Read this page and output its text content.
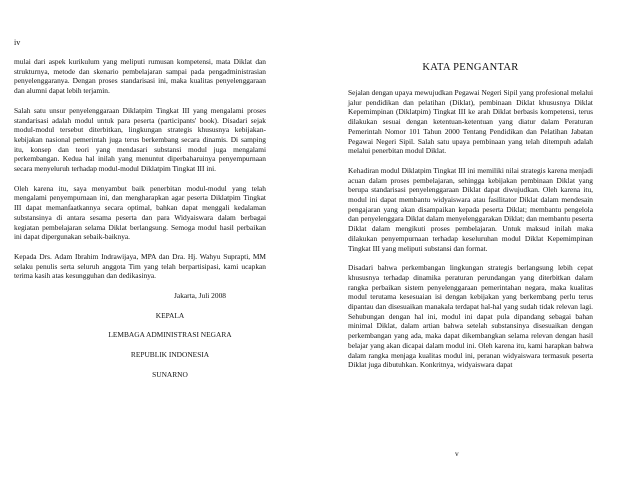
iv

mulai dari aspek kurikulum yang meliputi rumusan kompetensi, mata Diklat dan strukturnya, metode dan skenario pembelajaran sampai pada pengadministrasian penyelenggaranya. Dengan proses standarisasi ini, maka kualitas penyelenggaraan dan alumni dapat lebih terjamin.

Salah satu unsur penyelenggaraan Diklatpim Tingkat III yang mengalami proses standarisasi adalah modul untuk para peserta (participants' book). Disadari sejak modul-modul tersebut diterbitkan, lingkungan strategis khususnya kebijakan-kebijakan nasional pemerintah juga terus berkembang secara dinamis. Di samping itu, konsep dan teori yang mendasari substansi modul juga mengalami perkembangan. Kedua hal inilah yang menuntut diperbaharuinya penyempurnaan secara menyeluruh terhadap modul-modul Diklatpim Tingkat III ini.

Oleh karena itu, saya menyambut baik penerbitan modul-modul yang telah mengalami penyempurnaan ini, dan mengharapkan agar peserta Diklatpim Tingkat III dapat memanfaatkannya secara optimal, bahkan dapat menggali kedalaman substansinya di antara sesama peserta dan para Widyaiswara dalam berbagai kegiatan pembelajaran selama Diklat berlangsung. Semoga modul hasil perbaikan ini dapat dipergunakan sebaik-baiknya.

Kepada Drs. Adam Ibrahim Indrawijaya, MPA dan Dra. Hj. Wahyu Suprapti, MM selaku penulis serta seluruh anggota Tim yang telah berpartisipasi, kami ucapkan terima kasih atas kesungguhan dan dedikasinya.

Jakarta, Juli 2008

KEPALA

LEMBAGA ADMINISTRASI NEGARA

REPUBLIK INDONESIA

SUNARNO

KATA PENGANTAR

Sejalan dengan upaya mewujudkan Pegawai Negeri Sipil yang profesional melalui jalur pendidikan dan pelatihan (Diklat), pembinaan Diklat khususnya Diklat Kepemimpinan (Diklatpim) Tingkat III ke arah Diklat berbasis kompetensi, terus dilakukan sesuai dengan ketentuan-ketentuan yang diatur dalam Peraturan Pemerintah Nomor 101 Tahun 2000 Tentang Pendidikan dan Pelatihan Jabatan Pegawai Negeri Sipil. Salah satu upaya pembinaan yang telah ditempuh adalah melalui penerbitan modul Diklat.

Kehadiran modul Diklatpim Tingkat III ini memiliki nilai strategis karena menjadi acuan dalam proses pembelajaran, sehingga kebijakan pembinaan Diklat yang berupa standarisasi penyelenggaraan Diklat dapat diwujudkan. Oleh karena itu, modul ini dapat membantu widyaiswara atau fasilitator Diklat dalam mendesain pengajaran yang akan disampaikan kepada peserta Diklat; membantu pengelola dan penyelenggara Diklat dalam menyelenggarakan Diklat; dan membantu peserta Diklat dalam mengikuti proses pembelajaran. Untuk maksud inilah maka dilakukan penyempurnaan terhadap keseluruhan modul Diklat Kepemimpinan Tingkat III yang meliputi substansi dan format.

Disadari bahwa perkembangan lingkungan strategis berlangsung lebih cepat khususnya terhadap dinamika peraturan perundangan yang diterbitkan dalam rangka perbaikan sistem penyelenggaraan pemerintahan negara, maka kualitas modul terutama kesesuaian isi dengan kebijakan yang berkembang perlu terus dipantau dan disesuaikan manakala terdapat hal-hal yang sudah tidak relevan lagi. Sehubungan dengan hal ini, modul ini dapat pula dipandang sebagai bahan minimal Diklat, dalam artian bahwa setelah substansinya disesuaikan dengan perkembangan yang ada, maka dapat dikembangkan selama relevan dengan hasil belajar yang akan dicapai dalam modul ini. Oleh karena itu, kami harapkan bahwa dalam rangka menjaga kualitas modul ini, peranan widyaiswara termasuk peserta Diklat juga dibutuhkan. Konkritnya, widyaiswara dapat

v
